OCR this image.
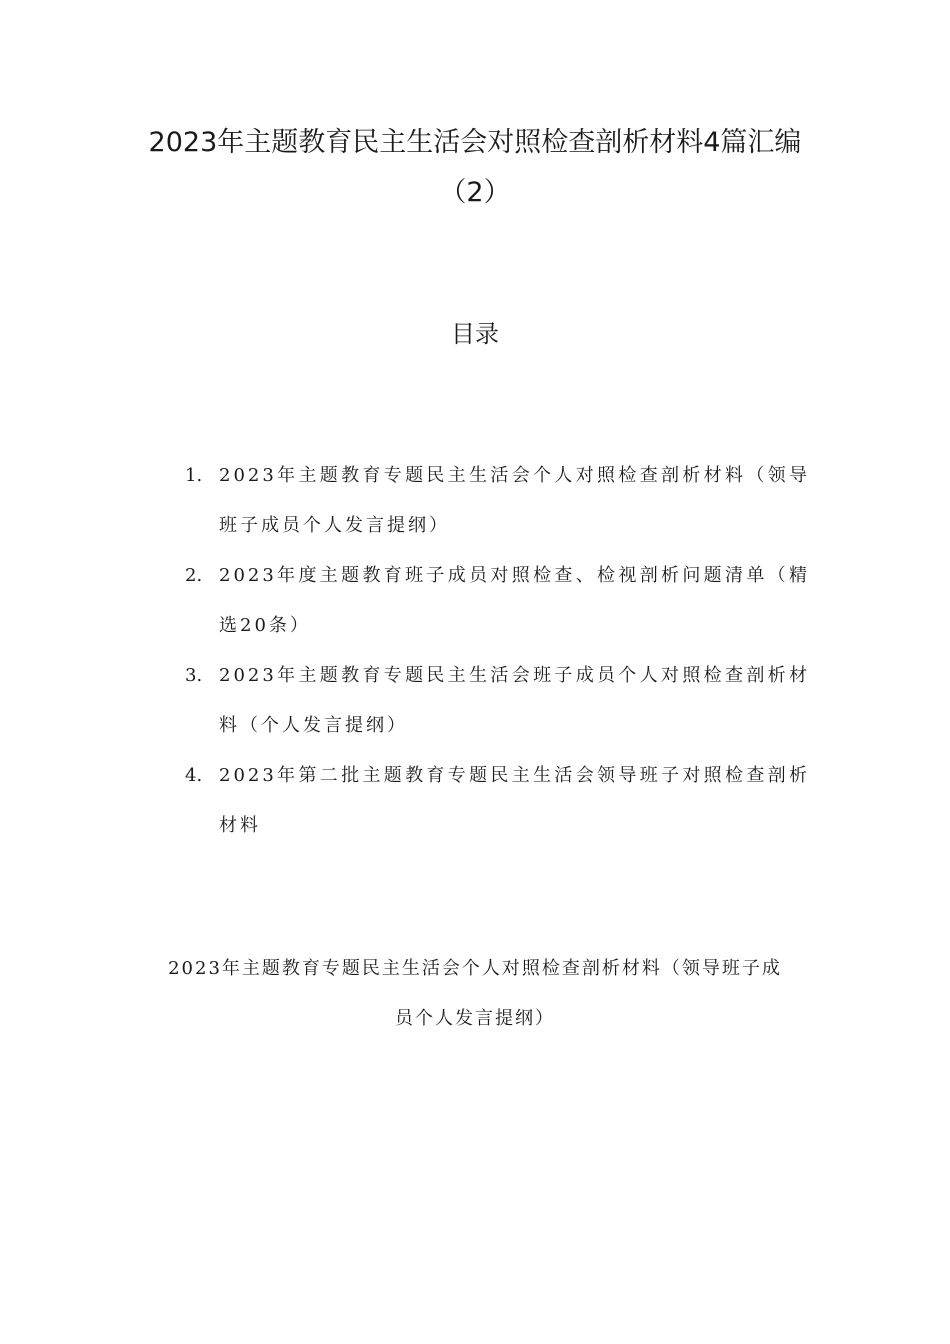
2023年主题教育民主生活会对照检查剖析材料4篇汇编（2）
目录
1. 2023年主题教育专题民主生活会个人对照检查剖析材料（领导班子成员个人发言提纲）
2. 2023年度主题教育班子成员对照检查、检视剖析问题清单（精选20条）
3. 2023年主题教育专题民主生活会班子成员个人对照检查剖析材料（个人发言提纲）
4. 2023年第二批主题教育专题民主生活会领导班子对照检查剖析材料
2023年主题教育专题民主生活会个人对照检查剖析材料（领导班子成员个人发言提纲）
